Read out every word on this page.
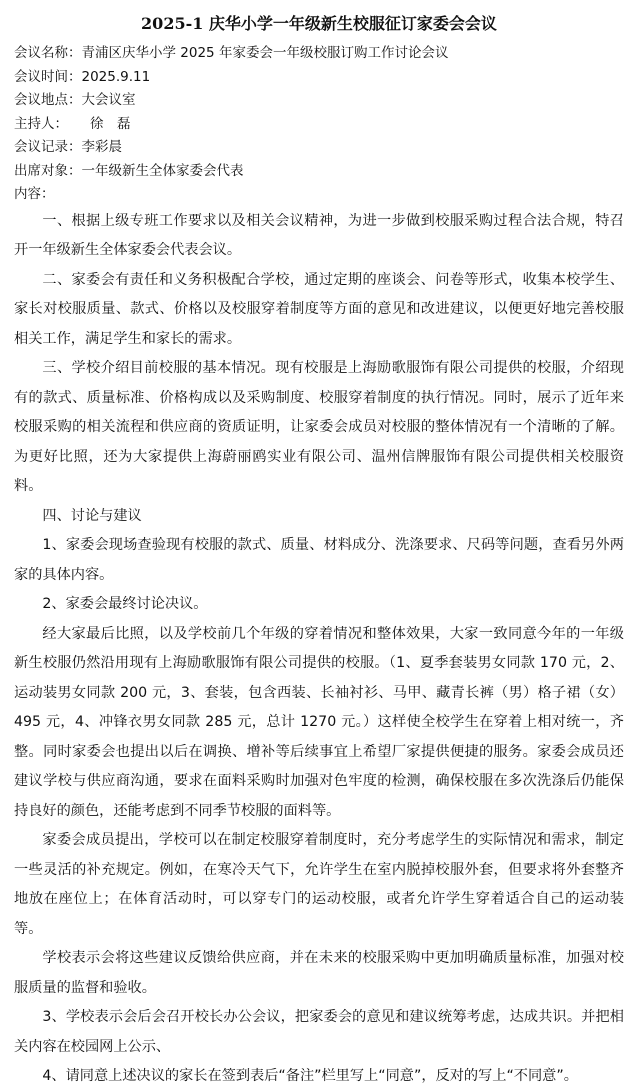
2025-1 庆华小学一年级新生校服征订家委会会议
会议名称：青浦区庆华小学 2025 年家委会一年级校服订购工作讨论会议
会议时间：2025.9.11
会议地点：大会议室
主持人： 徐　磊
会议记录：李彩晨
出席对象：一年级新生全体家委会代表
内容：

一、根据上级专班工作要求以及相关会议精神，为进一步做到校服采购过程合法合规，特召开一年级新生全体家委会代表会议。

二、家委会有责任和义务积极配合学校，通过定期的座谈会、问卷等形式，收集本校学生、家长对校服质量、款式、价格以及校服穿着制度等方面的意见和改进建议，以便更好地完善校服相关工作，满足学生和家长的需求。

三、学校介绍目前校服的基本情况。现有校服是上海励歌服饰有限公司提供的校服，介绍现有的款式、质量标准、价格构成以及采购制度、校服穿着制度的执行情况。同时，展示了近年来校服采购的相关流程和供应商的资质证明，让家委会成员对校服的整体情况有一个清晰的了解。为更好比照，还为大家提供上海蔚丽鸥实业有限公司、温州信牌服饰有限公司提供相关校服资料。

四、讨论与建议

1、家委会现场查验现有校服的款式、质量、材料成分、洗涤要求、尺码等问题，查看另外两家的具体内容。

2、家委会最终讨论决议。

经大家最后比照，以及学校前几个年级的穿着情况和整体效果，大家一致同意今年的一年级新生校服仍然沿用现有上海励歌服饰有限公司提供的校服。（1、夏季套装男女同款 170 元，2、运动装男女同款 200 元，3、套装，包含西装、长袖衬衫、马甲、藏青长裤（男）格子裙（女）495 元，4、冲锋衣男女同款 285 元，总计 1270 元。）这样使全校学生在穿着上相对统一，齐整。同时家委会也提出以后在调换、增补等后续事宜上希望厂家提供便捷的服务。家委会成员还建议学校与供应商沟通，要求在面料采购时加强对色牢度的检测，确保校服在多次洗涤后仍能保持良好的颜色，还能考虑到不同季节校服的面料等。

家委会成员提出，学校可以在制定校服穿着制度时，充分考虑学生的实际情况和需求，制定一些灵活的补充规定。例如，在寒冷天气下，允许学生在室内脱掉校服外套，但要求将外套整齐地放在座位上；在体育活动时，可以穿专门的运动校服，或者允许学生穿着适合自己的运动装等。

学校表示会将这些建议反馈给供应商，并在未来的校服采购中更加明确质量标准，加强对校服质量的监督和验收。

3、学校表示会后会召开校长办公会议，把家委会的意见和建议统筹考虑，达成共识。并把相关内容在校园网上公示、

4、请同意上述决议的家长在签到表后“备注”栏里写上“同意”，反对的写上“不同意”。
